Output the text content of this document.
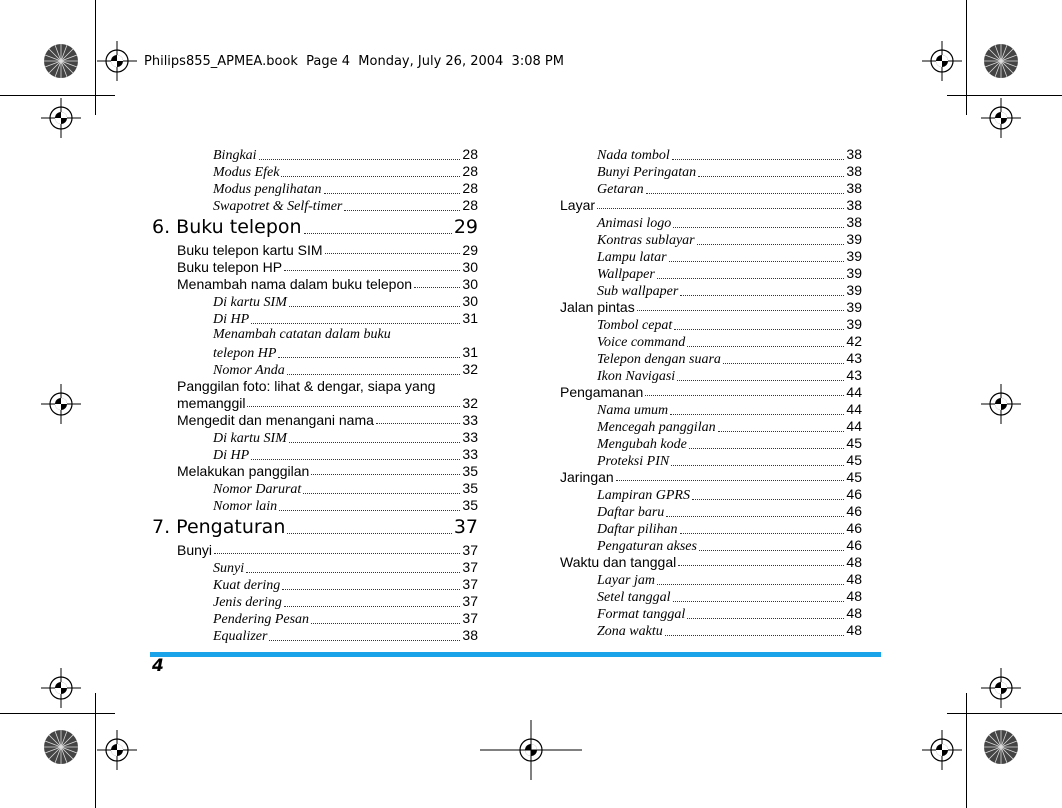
Philips855_APMEA.book  Page 4  Monday, July 26, 2004  3:08 PM
Bingkai	28
Modus Efek	28
Modus penglihatan	28
Swapotret & Self-timer	28
6. Buku telepon	29
Buku telepon kartu SIM	29
Buku telepon HP	30
Menambah nama dalam buku telepon	30
Di kartu SIM	30
Di HP	31
Menambah catatan dalam buku
telepon HP	31
Nomor Anda	32
Panggilan foto: lihat & dengar, siapa yang
memanggil	32
Mengedit dan menangani nama	33
Di kartu SIM	33
Di HP	33
Melakukan panggilan	35
Nomor Darurat	35
Nomor lain	35
7. Pengaturan	37
Bunyi	37
Sunyi	37
Kuat dering	37
Jenis dering	37
Pendering Pesan	37
Equalizer	38
Nada tombol	38
Bunyi Peringatan	38
Getaran	38
Layar	38
Animasi logo	38
Kontras sublayar	39
Lampu latar	39
Wallpaper	39
Sub wallpaper	39
Jalan pintas	39
Tombol cepat	39
Voice command	42
Telepon dengan suara	43
Ikon Navigasi	43
Pengamanan	44
Nama umum	44
Mencegah panggilan	44
Mengubah kode	45
Proteksi PIN	45
Jaringan	45
Lampiran GPRS	46
Daftar baru	46
Daftar pilihan	46
Pengaturan akses	46
Waktu dan tanggal	48
Layar jam	48
Setel tanggal	48
Format tanggal	48
Zona waktu	48
4
